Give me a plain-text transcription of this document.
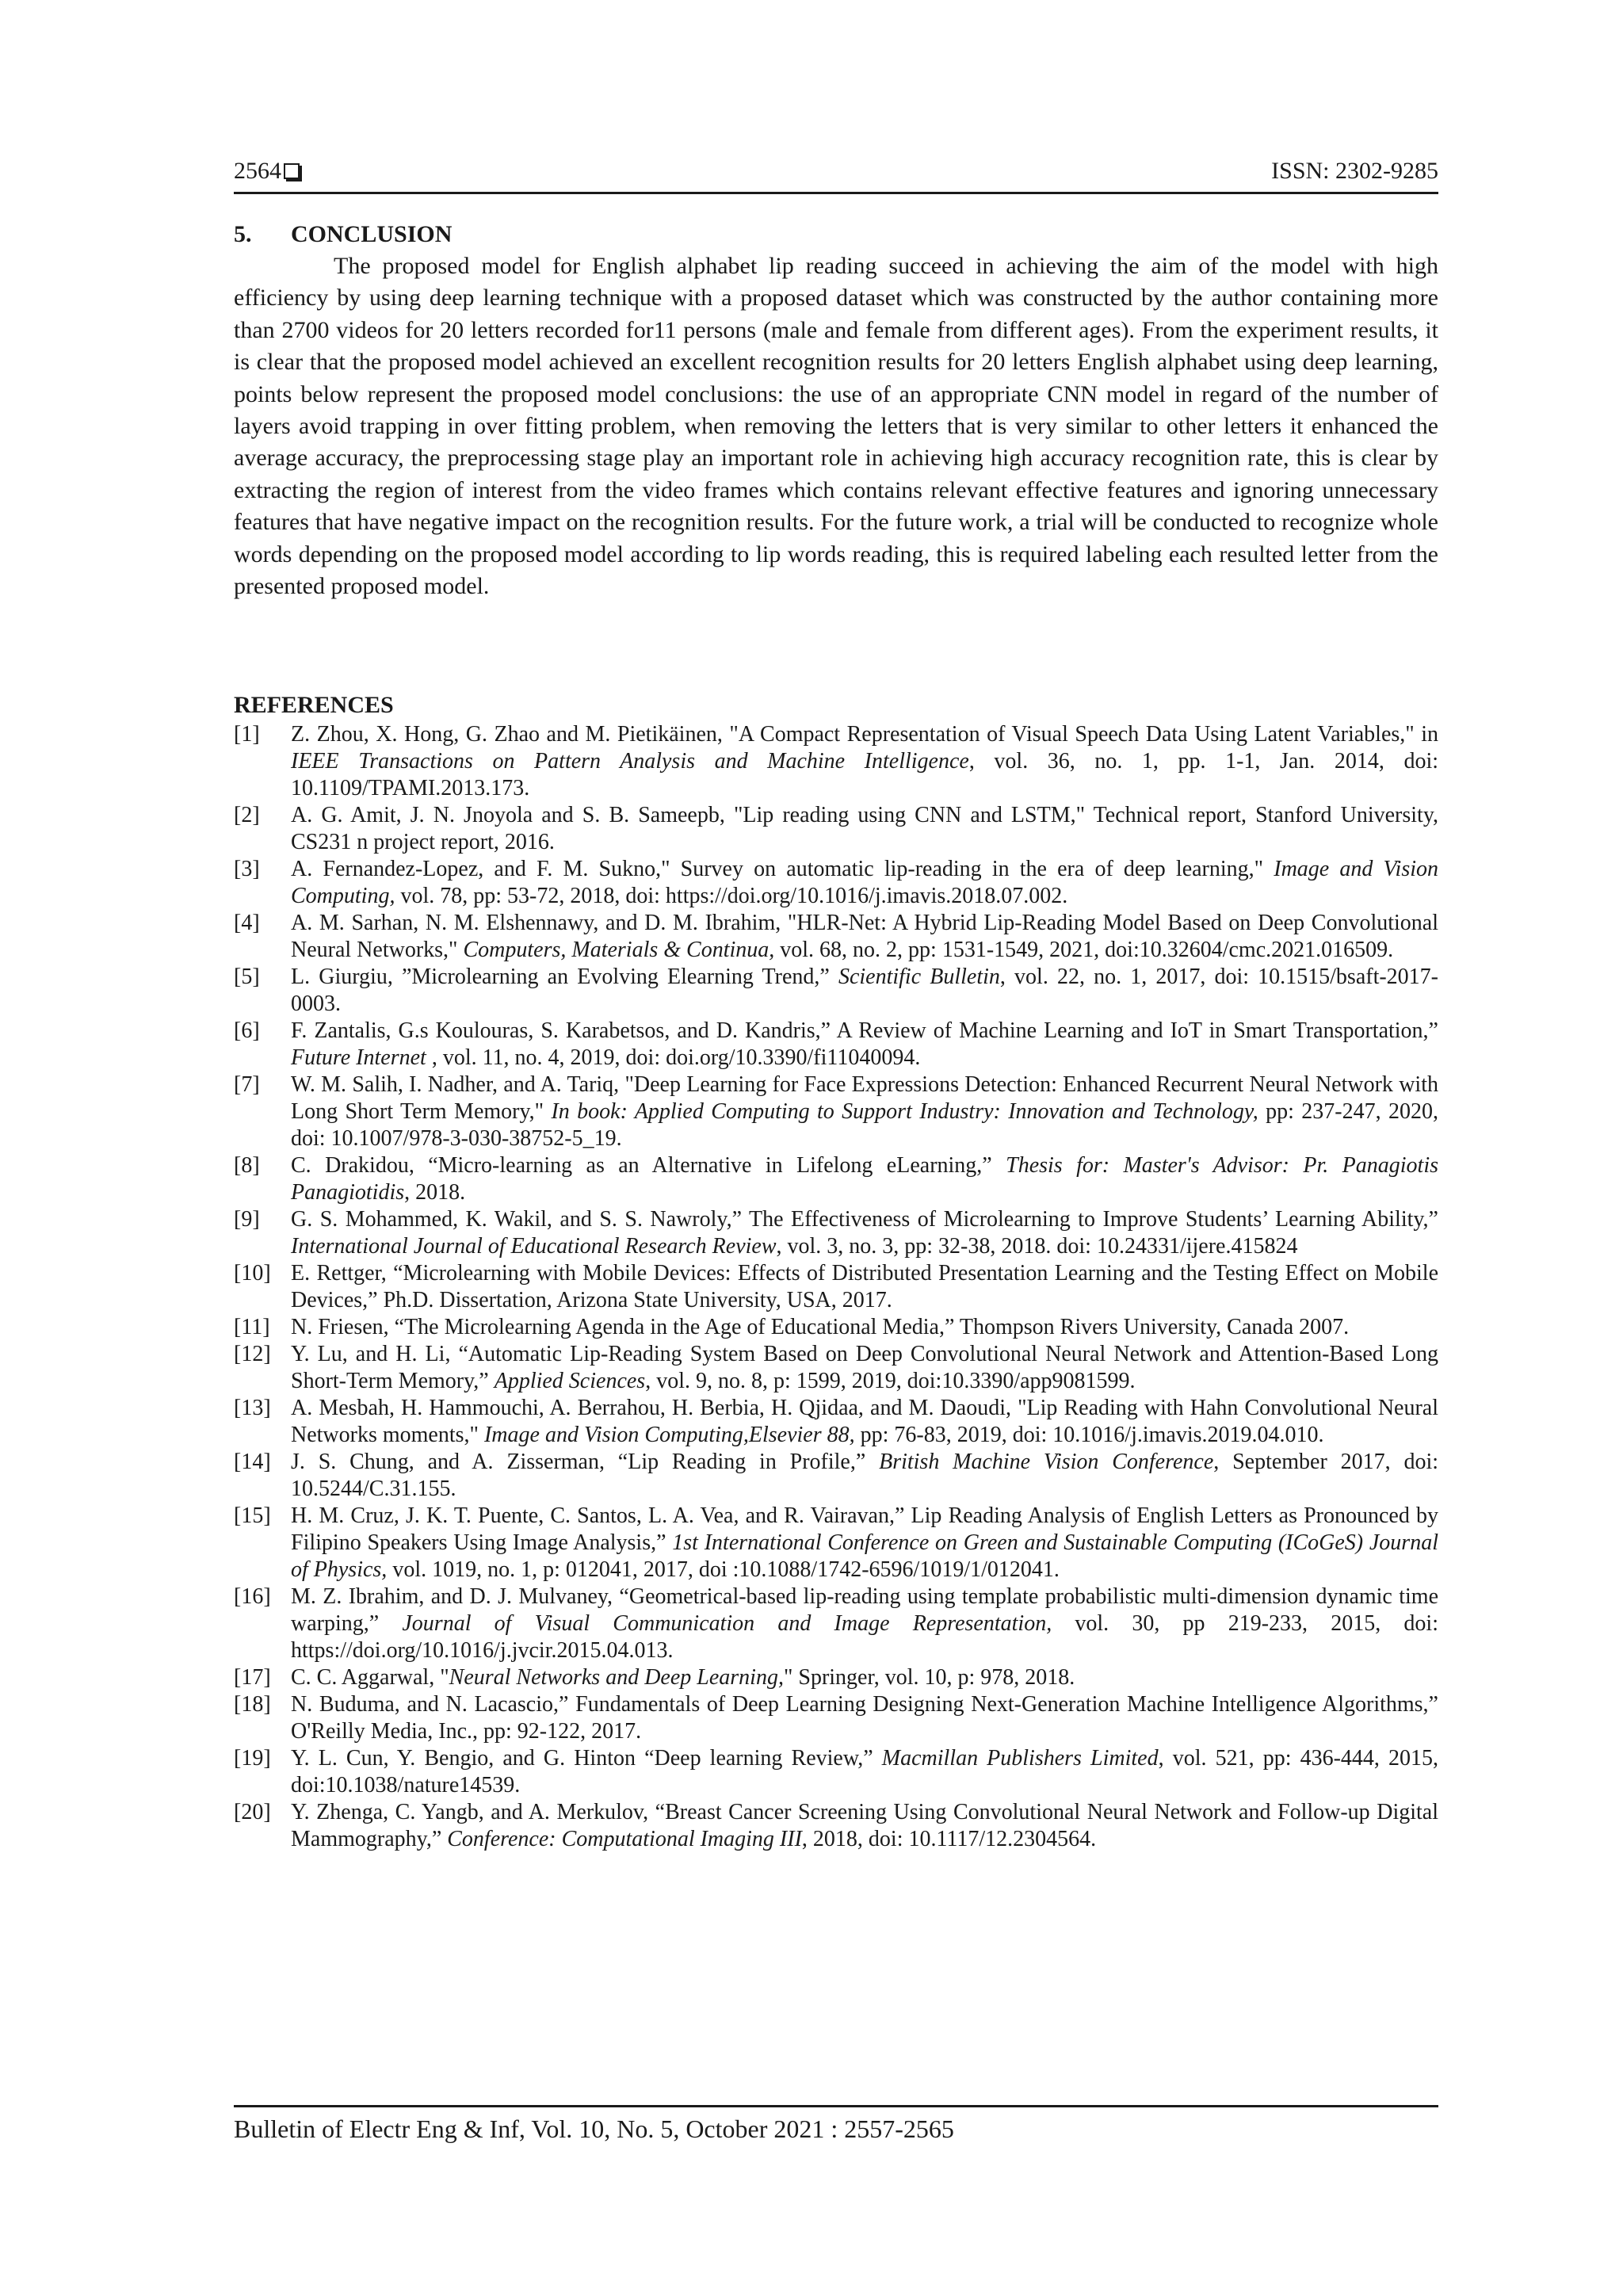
2564	ISSN: 2302-9285
5. CONCLUSION

The proposed model for English alphabet lip reading succeed in achieving the aim of the model with high efficiency by using deep learning technique with a proposed dataset which was constructed by the author containing more than 2700 videos for 20 letters recorded for11 persons (male and female from different ages). From the experiment results, it is clear that the proposed model achieved an excellent recognition results for 20 letters English alphabet using deep learning, points below represent the proposed model conclusions: the use of an appropriate CNN model in regard of the number of layers avoid trapping in over fitting problem, when removing the letters that is very similar to other letters it enhanced the average accuracy, the preprocessing stage play an important role in achieving high accuracy recognition rate, this is clear by extracting the region of interest from the video frames which contains relevant effective features and ignoring unnecessary features that have negative impact on the recognition results. For the future work, a trial will be conducted to recognize whole words depending on the proposed model according to lip words reading, this is required labeling each resulted letter from the presented proposed model.

REFERENCES
[1] Z. Zhou, X. Hong, G. Zhao and M. Pietikäinen, "A Compact Representation of Visual Speech Data Using Latent Variables," in IEEE Transactions on Pattern Analysis and Machine Intelligence, vol. 36, no. 1, pp. 1-1, Jan. 2014, doi: 10.1109/TPAMI.2013.173.
[2] A. G. Amit, J. N. Jnoyola and S. B. Sameepb, "Lip reading using CNN and LSTM," Technical report, Stanford University, CS231 n project report, 2016.
[3] A. Fernandez-Lopez, and F. M. Sukno," Survey on automatic lip-reading in the era of deep learning," Image and Vision Computing, vol. 78, pp: 53-72, 2018, doi: https://doi.org/10.1016/j.imavis.2018.07.002.
[4] A. M. Sarhan, N. M. Elshennawy, and D. M. Ibrahim, "HLR-Net: A Hybrid Lip-Reading Model Based on Deep Convolutional Neural Networks," Computers, Materials & Continua, vol. 68, no. 2, pp: 1531-1549, 2021, doi:10.32604/cmc.2021.016509.
[5] L. Giurgiu, ”Microlearning an Evolving Elearning Trend,” Scientific Bulletin, vol. 22, no. 1, 2017, doi: 10.1515/bsaft-2017-0003.
[6] F. Zantalis, G.s Koulouras, S. Karabetsos, and D. Kandris,” A Review of Machine Learning and IoT in Smart Transportation,” Future Internet , vol. 11, no. 4, 2019, doi: doi.org/10.3390/fi11040094.
[7] W. M. Salih, I. Nadher, and A. Tariq, "Deep Learning for Face Expressions Detection: Enhanced Recurrent Neural Network with Long Short Term Memory," In book: Applied Computing to Support Industry: Innovation and Technology, pp: 237-247, 2020, doi: 10.1007/978-3-030-38752-5_19.
[8] C. Drakidou, “Micro-learning as an Alternative in Lifelong eLearning,” Thesis for: Master's Advisor: Pr. Panagiotis Panagiotidis, 2018.
[9] G. S. Mohammed, K. Wakil, and S. S. Nawroly,” The Effectiveness of Microlearning to Improve Students’ Learning Ability,” International Journal of Educational Research Review, vol. 3, no. 3, pp: 32-38, 2018. doi: 10.24331/ijere.415824
[10] E. Rettger, “Microlearning with Mobile Devices: Effects of Distributed Presentation Learning and the Testing Effect on Mobile Devices,” Ph.D. Dissertation, Arizona State University, USA, 2017.
[11] N. Friesen, “The Microlearning Agenda in the Age of Educational Media,” Thompson Rivers University, Canada 2007.
[12] Y. Lu, and H. Li, “Automatic Lip-Reading System Based on Deep Convolutional Neural Network and Attention-Based Long Short-Term Memory,” Applied Sciences, vol. 9, no. 8, p: 1599, 2019, doi:10.3390/app9081599.
[13] A. Mesbah, H. Hammouchi, A. Berrahou, H. Berbia, H. Qjidaa, and M. Daoudi, "Lip Reading with Hahn Convolutional Neural Networks moments," Image and Vision Computing,Elsevier 88, pp: 76-83, 2019, doi: 10.1016/j.imavis.2019.04.010.
[14] J. S. Chung, and A. Zisserman, “Lip Reading in Profile,” British Machine Vision Conference, September 2017, doi: 10.5244/C.31.155.
[15] H. M. Cruz, J. K. T. Puente, C. Santos, L. A. Vea, and R. Vairavan,” Lip Reading Analysis of English Letters as Pronounced by Filipino Speakers Using Image Analysis,” 1st International Conference on Green and Sustainable Computing (ICoGeS) Journal of Physics, vol. 1019, no. 1, p: 012041, 2017, doi :10.1088/1742-6596/1019/1/012041.
[16] M. Z. Ibrahim, and D. J. Mulvaney, “Geometrical-based lip-reading using template probabilistic multi-dimension dynamic time warping,” Journal of Visual Communication and Image Representation, vol. 30, pp 219-233, 2015, doi: https://doi.org/10.1016/j.jvcir.2015.04.013.
[17] C. C. Aggarwal, "Neural Networks and Deep Learning," Springer, vol. 10, p: 978, 2018.
[18] N. Buduma, and N. Lacascio,” Fundamentals of Deep Learning Designing Next-Generation Machine Intelligence Algorithms,” O'Reilly Media, Inc., pp: 92-122, 2017.
[19] Y. L. Cun, Y. Bengio, and G. Hinton “Deep learning Review,” Macmillan Publishers Limited, vol. 521, pp: 436-444, 2015, doi:10.1038/nature14539.
[20] Y. Zhenga, C. Yangb, and A. Merkulov, “Breast Cancer Screening Using Convolutional Neural Network and Follow-up Digital Mammography,” Conference: Computational Imaging III, 2018, doi: 10.1117/12.2304564.
Bulletin of Electr Eng & Inf, Vol. 10, No. 5, October 2021 : 2557-2565
